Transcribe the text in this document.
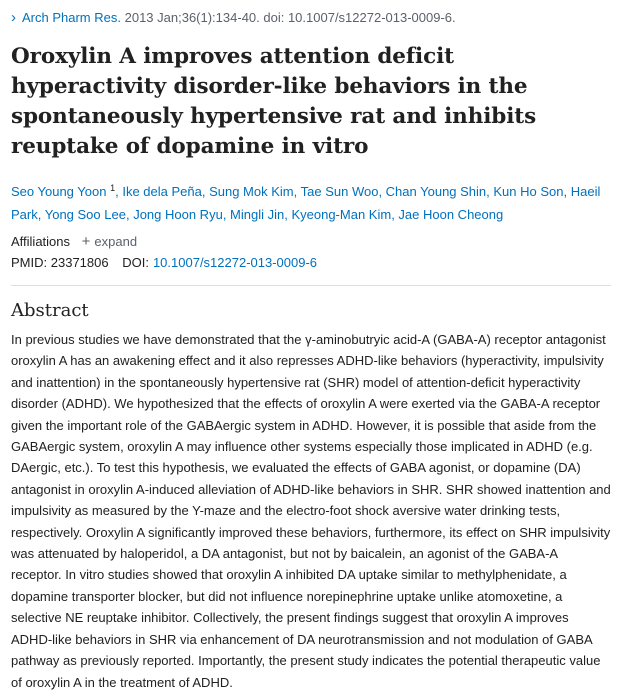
› Arch Pharm Res. 2013 Jan;36(1):134-40. doi: 10.1007/s12272-013-0009-6.
Oroxylin A improves attention deficit hyperactivity disorder-like behaviors in the spontaneously hypertensive rat and inhibits reuptake of dopamine in vitro
Seo Young Yoon $^1$, Ike dela Peña, Sung Mok Kim, Tae Sun Woo, Chan Young Shin, Kun Ho Son, Haeil Park, Yong Soo Lee, Jong Hoon Ryu, Mingli Jin, Kyeong-Man Kim, Jae Hoon Cheong
Affiliations + expand
PMID: 23371806 DOI: 10.1007/s12272-013-0009-6
Abstract

In previous studies we have demonstrated that the γ-aminobutryic acid-A (GABA-A) receptor antagonist oroxylin A has an awakening effect and it also represses ADHD-like behaviors (hyperactivity, impulsivity and inattention) in the spontaneously hypertensive rat (SHR) model of attention-deficit hyperactivity disorder (ADHD). We hypothesized that the effects of oroxylin A were exerted via the GABA-A receptor given the important role of the GABAergic system in ADHD. However, it is possible that aside from the GABAergic system, oroxylin A may influence other systems especially those implicated in ADHD (e.g. DAergic, etc.). To test this hypothesis, we evaluated the effects of GABA agonist, or dopamine (DA) antagonist in oroxylin A-induced alleviation of ADHD-like behaviors in SHR. SHR showed inattention and impulsivity as measured by the Y-maze and the electro-foot shock aversive water drinking tests, respectively. Oroxylin A significantly improved these behaviors, furthermore, its effect on SHR impulsivity was attenuated by haloperidol, a DA antagonist, but not by baicalein, an agonist of the GABA-A receptor. In vitro studies showed that oroxylin A inhibited DA uptake similar to methylphenidate, a dopamine transporter blocker, but did not influence norepinephrine uptake unlike atomoxetine, a selective NE reuptake inhibitor. Collectively, the present findings suggest that oroxylin A improves ADHD-like behaviors in SHR via enhancement of DA neurotransmission and not modulation of GABA pathway as previously reported. Importantly, the present study indicates the potential therapeutic value of oroxylin A in the treatment of ADHD.
